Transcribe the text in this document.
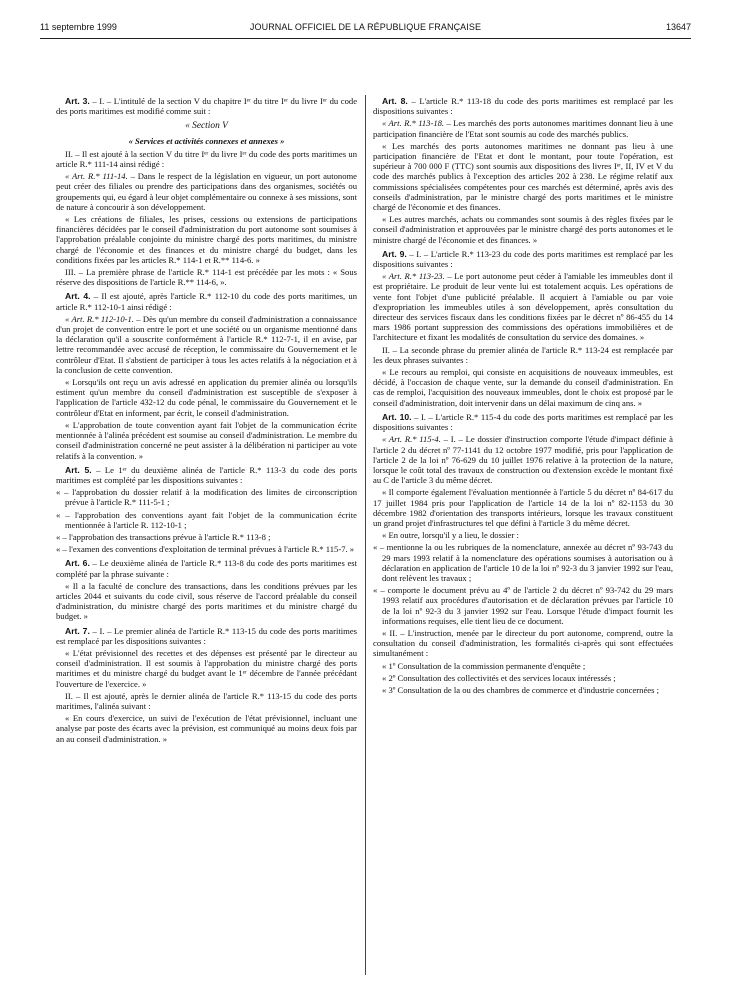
11 septembre 1999	JOURNAL OFFICIEL DE LA RÉPUBLIQUE FRANÇAISE	13647

Art. 3. – I. – L'intitulé de la section V du chapitre Iᵉʳ du titre Iᵉʳ du livre Iᵉʳ du code des ports maritimes est modifié comme suit :

« Section V

« Services et activités connexes et annexes »

II. – Il est ajouté à la section V du titre Iᵉʳ du livre Iᵉʳ du code des ports maritimes un article R.* 111-14 ainsi rédigé :

« Art. R.* 111-14. – Dans le respect de la législation en vigueur, un port autonome peut créer des filiales ou prendre des participations dans des organismes, sociétés ou groupements qui, eu égard à leur objet complémentaire ou connexe à ses missions, sont de nature à concourir à son développement.

« Les créations de filiales, les prises, cessions ou extensions de participations financières décidées par le conseil d'administration du port autonome sont soumises à l'approbation préalable conjointe du ministre chargé des ports maritimes, du ministre chargé de l'économie et des finances et du ministre chargé du budget, dans les conditions fixées par les articles R.* 114-1 et R.** 114-6. »

III. – La première phrase de l'article R.* 114-1 est précédée par les mots : « Sous réserve des dispositions de l'article R.** 114-6, ».

Art. 4. – Il est ajouté, après l'article R.* 112-10 du code des ports maritimes, un article R.* 112-10-1 ainsi rédigé :

« Art. R.* 112-10-1. – Dès qu'un membre du conseil d'administration a connaissance d'un projet de convention entre le port et une société ou un organisme mentionné dans la déclaration qu'il a souscrite conformément à l'article R.* 112-7-1, il en avise, par lettre recommandée avec accusé de réception, le commissaire du Gouvernement et le contrôleur d'Etat. Il s'abstient de participer à tous les actes relatifs à la négociation et à la conclusion de cette convention.

« Lorsqu'ils ont reçu un avis adressé en application du premier alinéa ou lorsqu'ils estiment qu'un membre du conseil d'administration est susceptible de s'exposer à l'application de l'article 432-12 du code pénal, le commissaire du Gouvernement et le contrôleur d'Etat en informent, par écrit, le conseil d'administration.

« L'approbation de toute convention ayant fait l'objet de la communication écrite mentionnée à l'alinéa précédent est soumise au conseil d'administration. Le membre du conseil d'administration concerné ne peut assister à la délibération ni participer au vote relatifs à la convention. »

Art. 5. – Le 1ᵉʳ du deuxième alinéa de l'article R.* 113-3 du code des ports maritimes est complété par les dispositions suivantes :

« – l'approbation du dossier relatif à la modification des limites de circonscription prévue à l'article R.* 111-5-1 ;

« – l'approbation des conventions ayant fait l'objet de la communication écrite mentionnée à l'article R. 112-10-1 ;

« – l'approbation des transactions prévue à l'article R.* 113-8 ;

« – l'examen des conventions d'exploitation de terminal prévues à l'article R.* 115-7. »

Art. 6. – Le deuxième alinéa de l'article R.* 113-8 du code des ports maritimes est complété par la phrase suivante :

« Il a la faculté de conclure des transactions, dans les conditions prévues par les articles 2044 et suivants du code civil, sous réserve de l'accord préalable du conseil d'administration, du ministre chargé des ports maritimes et du ministre chargé du budget. »

Art. 7. – I. – Le premier alinéa de l'article R.* 113-15 du code des ports maritimes est remplacé par les dispositions suivantes :

« L'état prévisionnel des recettes et des dépenses est présenté par le directeur au conseil d'administration. Il est soumis à l'approbation du ministre chargé des ports maritimes et du ministre chargé du budget avant le 1ᵉʳ décembre de l'année précédant l'ouverture de l'exercice. »

II. – Il est ajouté, après le dernier alinéa de l'article R.* 113-15 du code des ports maritimes, l'alinéa suivant :

« En cours d'exercice, un suivi de l'exécution de l'état prévisionnel, incluant une analyse par poste des écarts avec la prévision, est communiqué au moins deux fois par an au conseil d'administration. »

Art. 8. – L'article R.* 113-18 du code des ports maritimes est remplacé par les dispositions suivantes :

« Art. R.* 113-18. – Les marchés des ports autonomes maritimes donnant lieu à une participation financière de l'Etat sont soumis au code des marchés publics.

« Les marchés des ports autonomes maritimes ne donnant pas lieu à une participation financière de l'Etat et dont le montant, pour toute l'opération, est supérieur à 700 000 F (TTC) sont soumis aux dispositions des livres Iᵉʳ, II, IV et V du code des marchés publics à l'exception des articles 202 à 238. Le régime relatif aux commissions spécialisées compétentes pour ces marchés est déterminé, après avis des conseils d'administration, par le ministre chargé des ports maritimes et le ministre chargé de l'économie et des finances.

« Les autres marchés, achats ou commandes sont soumis à des règles fixées par le conseil d'administration et approuvées par le ministre chargé des ports autonomes et le ministre chargé de l'économie et des finances. »

Art. 9. – I. – L'article R.* 113-23 du code des ports maritimes est remplacé par les dispositions suivantes :

« Art. R.* 113-23. – Le port autonome peut céder à l'amiable les immeubles dont il est propriétaire. Le produit de leur vente lui est totalement acquis. Les opérations de vente font l'objet d'une publicité préalable. Il acquiert à l'amiable ou par voie d'expropriation les immeubles utiles à son développement, après consultation du directeur des services fiscaux dans les conditions fixées par le décret nº 86-455 du 14 mars 1986 portant suppression des commissions des opérations immobilières et de l'architecture et fixant les modalités de consultation du service des domaines. »

II. – La seconde phrase du premier alinéa de l'article R.* 113-24 est remplacée par les deux phrases suivantes :

« Le recours au remploi, qui consiste en acquisitions de nouveaux immeubles, est décidé, à l'occasion de chaque vente, sur la demande du conseil d'administration. En cas de remploi, l'acquisition des nouveaux immeubles, dont le choix est proposé par le conseil d'administration, doit intervenir dans un délai maximum de cinq ans. »

Art. 10. – I. – L'article R.* 115-4 du code des ports maritimes est remplacé par les dispositions suivantes :

« Art. R.* 115-4. – I. – Le dossier d'instruction comporte l'étude d'impact définie à l'article 2 du décret nº 77-1141 du 12 octobre 1977 modifié, pris pour l'application de l'article 2 de la loi nº 76-629 du 10 juillet 1976 relative à la protection de la nature, lorsque le coût total des travaux de construction ou d'extension excède le montant fixé au C de l'article 3 du même décret.

« Il comporte également l'évaluation mentionnée à l'article 5 du décret nº 84-617 du 17 juillet 1984 pris pour l'application de l'article 14 de la loi nº 82-1153 du 30 décembre 1982 d'orientation des transports intérieurs, lorsque les travaux constituent un grand projet d'infrastructures tel que défini à l'article 3 du même décret.

« En outre, lorsqu'il y a lieu, le dossier :

« – mentionne la ou les rubriques de la nomenclature, annexée au décret nº 93-743 du 29 mars 1993 relatif à la nomenclature des opérations soumises à autorisation ou à déclaration en application de l'article 10 de la loi nº 92-3 du 3 janvier 1992 sur l'eau, dont relèvent les travaux ;

« – comporte le document prévu au 4º de l'article 2 du décret nº 93-742 du 29 mars 1993 relatif aux procédures d'autorisation et de déclaration prévues par l'article 10 de la loi nº 92-3 du 3 janvier 1992 sur l'eau. Lorsque l'étude d'impact fournit les informations requises, elle tient lieu de ce document.

« II. – L'instruction, menée par le directeur du port autonome, comprend, outre la consultation du conseil d'administration, les formalités ci-après qui sont effectuées simultanément :

« 1º Consultation de la commission permanente d'enquête ;

« 2º Consultation des collectivités et des services locaux intéressés ;

« 3º Consultation de la ou des chambres de commerce et d'industrie concernées ;
